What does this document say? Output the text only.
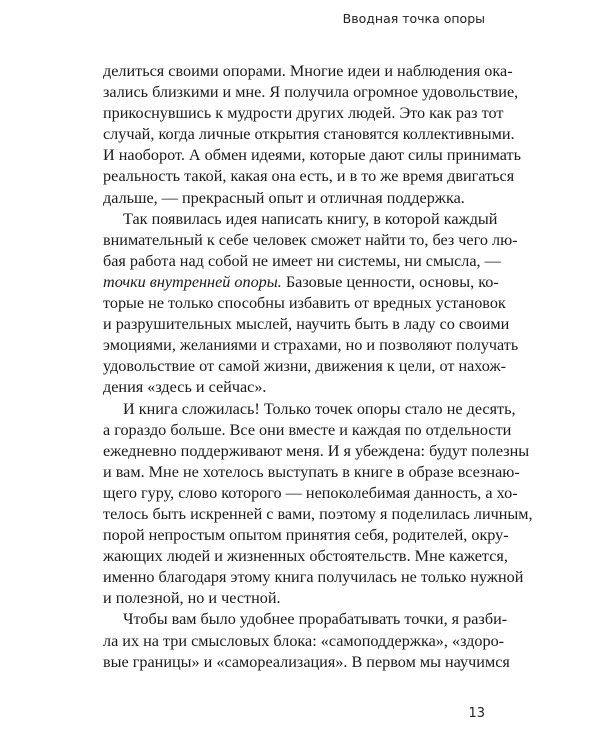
Вводная точка опоры
делиться своими опорами. Многие идеи и наблюдения ока-
зались близкими и мне. Я получила огромное удовольствие,
прикоснувшись к мудрости других людей. Это как раз тот
случай, когда личные открытия становятся коллективными.
И наоборот. А обмен идеями, которые дают силы принимать
реальность такой, какая она есть, и в то же время двигаться
дальше, — прекрасный опыт и отличная поддержка.
Так появилась идея написать книгу, в которой каждый
внимательный к себе человек сможет найти то, без чего лю-
бая работа над собой не имеет ни системы, ни смысла, —
точки внутренней опоры. Базовые ценности, основы, ко-
торые не только способны избавить от вредных установок
и разрушительных мыслей, научить быть в ладу со своими
эмоциями, желаниями и страхами, но и позволяют получать
удовольствие от самой жизни, движения к цели, от нахож-
дения «здесь и сейчас».
И книга сложилась! Только точек опоры стало не десять,
а гораздо больше. Все они вместе и каждая по отдельности
ежедневно поддерживают меня. И я убеждена: будут полезны
и вам. Мне не хотелось выступать в книге в образе всезнаю-
щего гуру, слово которого — непоколебимая данность, а хо-
телось быть искренней с вами, поэтому я поделилась личным,
порой непростым опытом принятия себя, родителей, окру-
жающих людей и жизненных обстоятельств. Мне кажется,
именно благодаря этому книга получилась не только нужной
и полезной, но и честной.
Чтобы вам было удобнее прорабатывать точки, я разби-
ла их на три смысловых блока: «самоподдержка», «здоро-
вые границы» и «самореализация». В первом мы научимся
13
